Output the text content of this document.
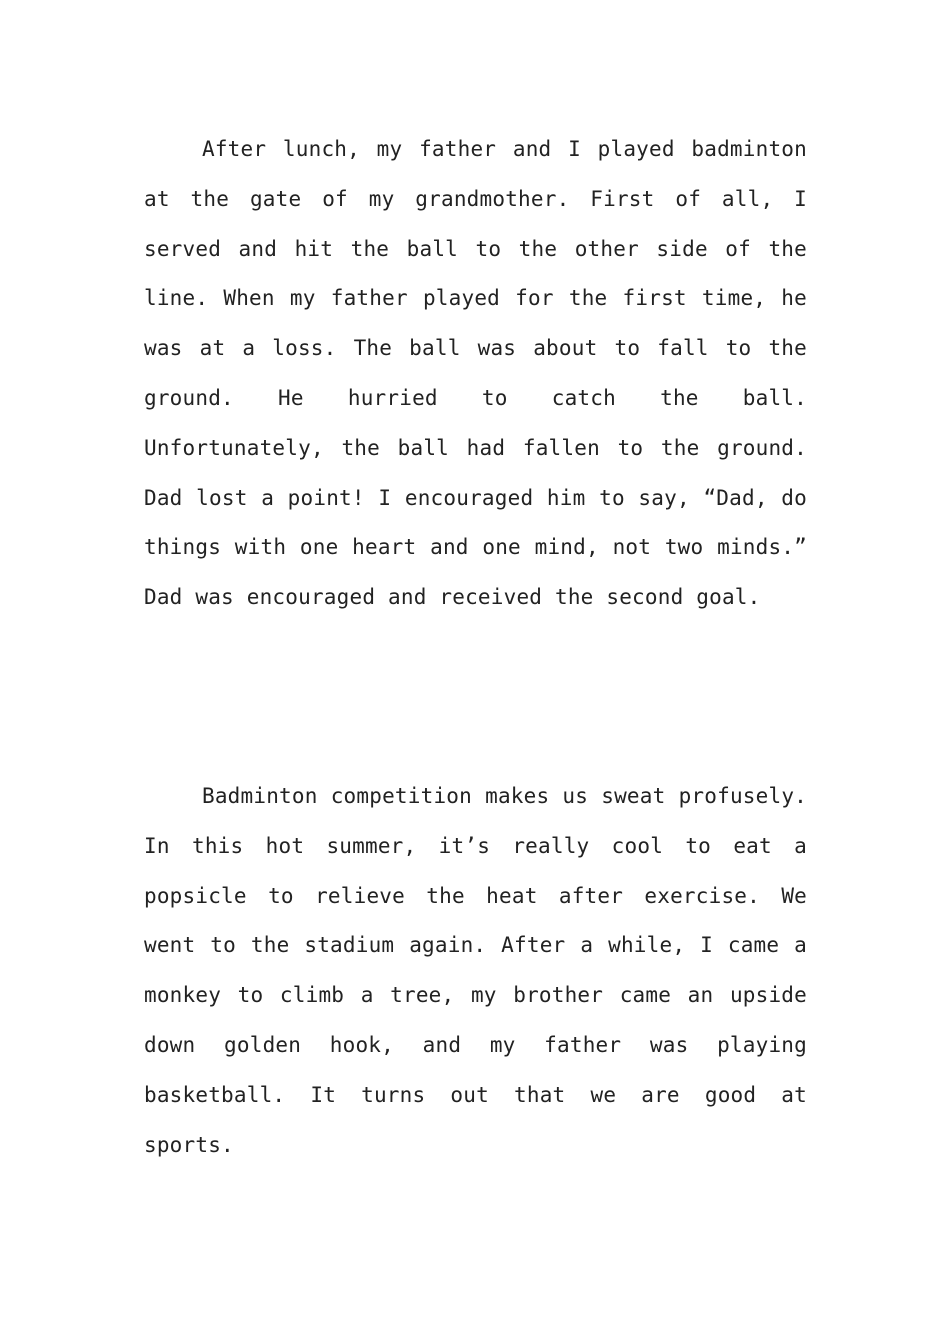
After lunch, my father and I played badminton at the gate of my grandmother. First of all, I served and hit the ball to the other side of the line. When my father played for the first time, he was at a loss. The ball was about to fall to the ground. He hurried to catch the ball. Unfortunately, the ball had fallen to the ground. Dad lost a point! I encouraged him to say, “Dad, do things with one heart and one mind, not two minds.” Dad was encouraged and received the second goal.

Badminton competition makes us sweat profusely. In this hot summer, it’s really cool to eat a popsicle to relieve the heat after exercise. We went to the stadium again. After a while, I came a monkey to climb a tree, my brother came an upside down golden hook, and my father was playing basketball. It turns out that we are good at sports.
